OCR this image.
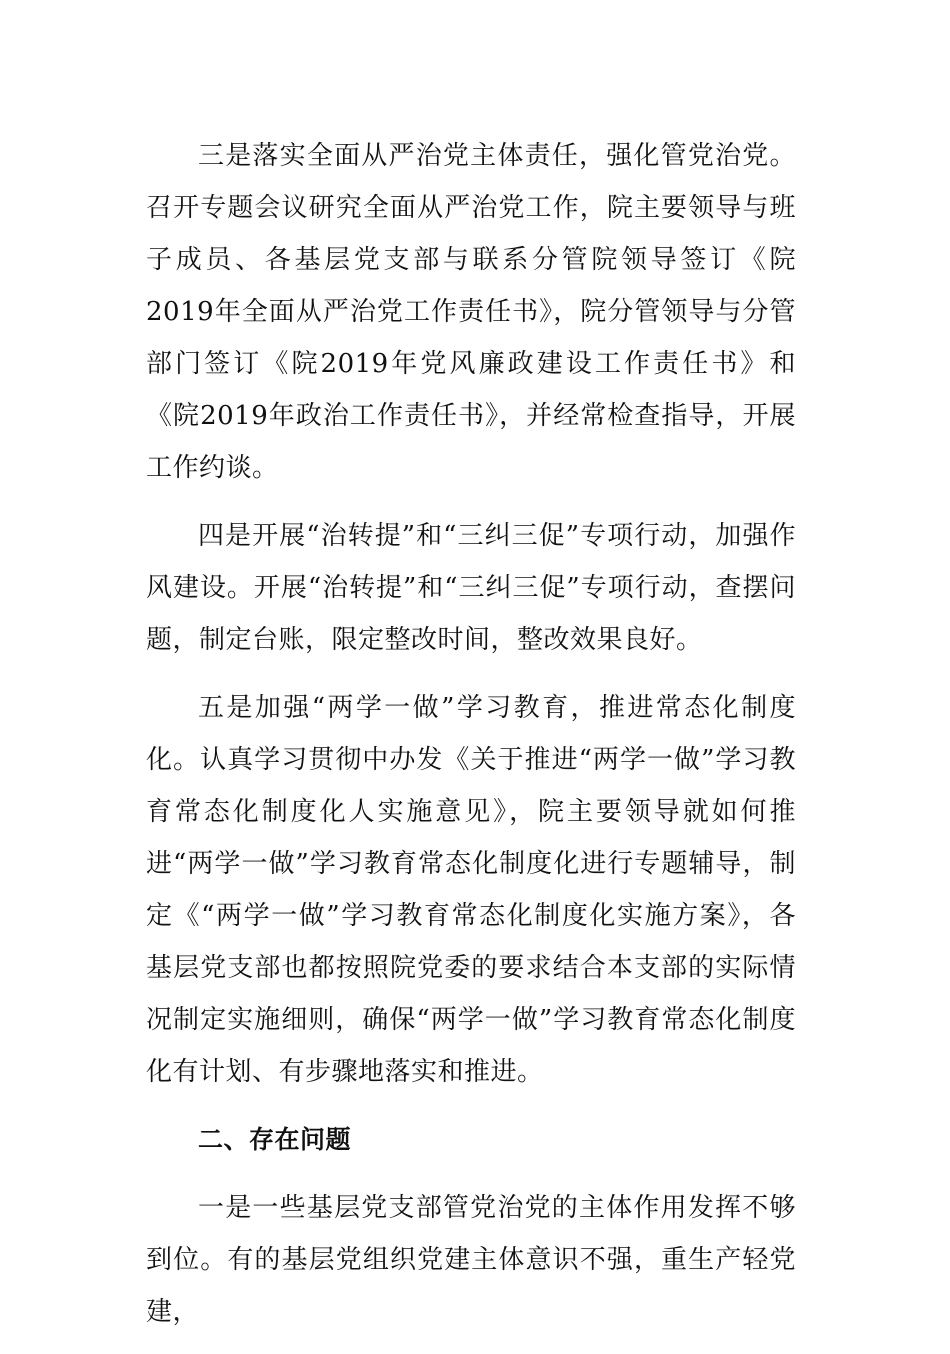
三是落实全面从严治党主体责任，强化管党治党。召开专题会议研究全面从严治党工作，院主要领导与班子成员、各基层党支部与联系分管院领导签订《院2019年全面从严治党工作责任书》，院分管领导与分管部门签订《院2019年党风廉政建设工作责任书》和《院2019年政治工作责任书》，并经常检查指导，开展工作约谈。

四是开展“治转提”和“三纠三促”专项行动，加强作风建设。开展“治转提”和“三纠三促”专项行动，查摆问题，制定台账，限定整改时间，整改效果良好。

五是加强“两学一做”学习教育，推进常态化制度化。认真学习贯彻中办发《关于推进“两学一做”学习教育常态化制度化人实施意见》，院主要领导就如何推进“两学一做”学习教育常态化制度化进行专题辅导，制定《“两学一做”学习教育常态化制度化实施方案》，各基层党支部也都按照院党委的要求结合本支部的实际情况制定实施细则，确保“两学一做”学习教育常态化制度化有计划、有步骤地落实和推进。

二、存在问题

一是一些基层党支部管党治党的主体作用发挥不够到位。有的基层党组织党建主体意识不强，重生产轻党建，
